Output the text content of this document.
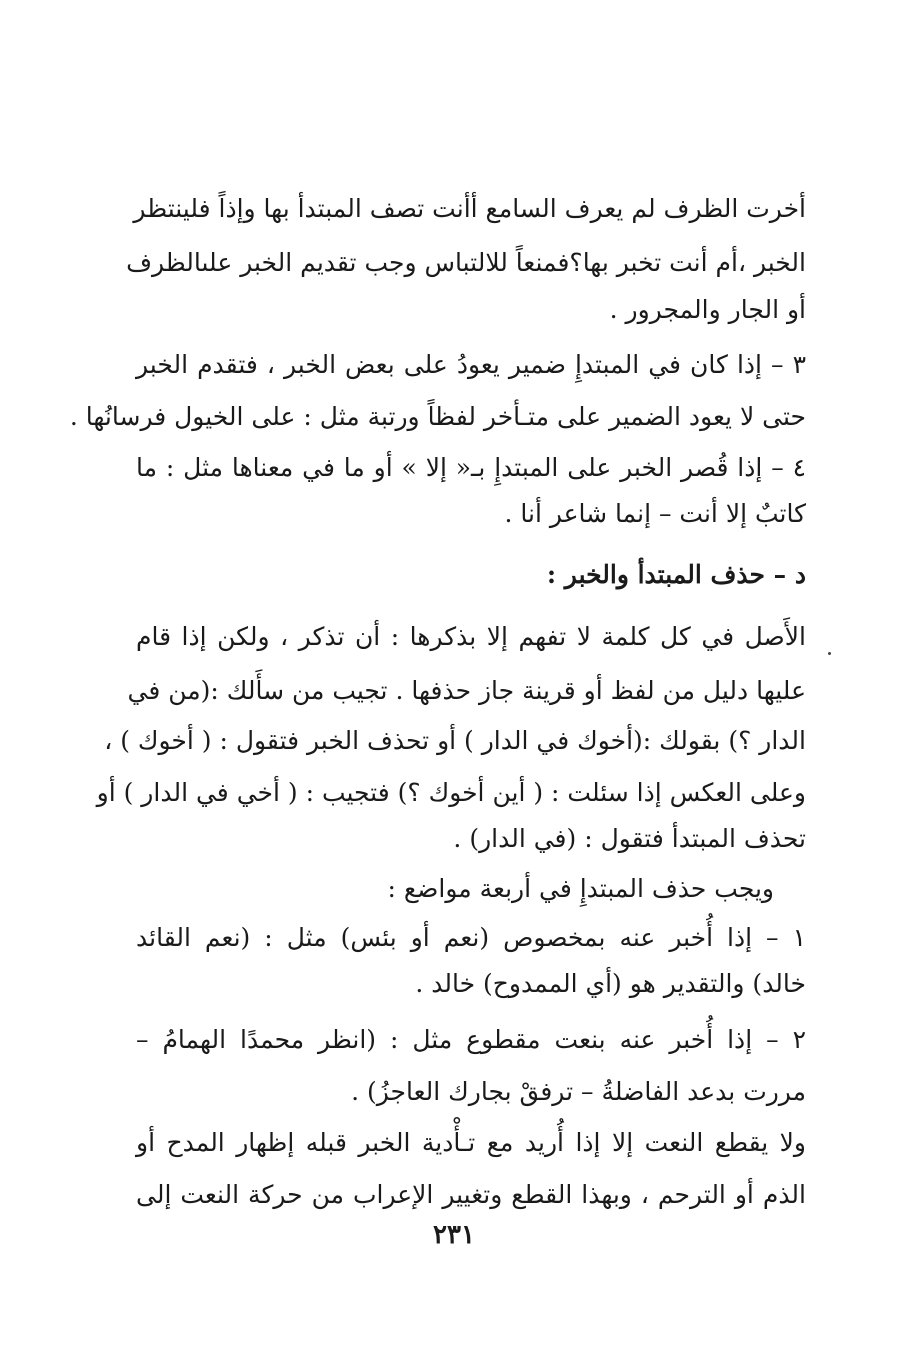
أخرت الظرف لم يعرف السامع أأنت تصف المبتدأ بها وإذاً فلينتظر
الخبر ،أم أنت تخبر بها؟فمنعاً للالتباس وجب تقديم الخبر علىالظرف
أو الجار والمجرور .
٣ – إذا كان في المبتدإِ ضمير يعودُ على بعض الخبر ، فتقدم الخبر
حتى لا يعود الضمير على متـأخر لفظاً ورتبة مثل : على الخيول فرسانُها .
٤ – إذا قُصر الخبر على المبتدإِ بـ« إلا » أو ما في معناها مثل : ما
كاتبٌ إلا أنت – إنما شاعر أنا .
د – حذف المبتدأ والخبر :
الأَصل في كل كلمة لا تفهم إلا بذكرها : أن تذكر ، ولكن إذا قام
عليها دليل من لفظ أو قرينة جاز حذفها . تجيب من سأَلك :(من في
الدار ؟) بقولك :(أخوك في الدار ) أو تحذف الخبر فتقول : ( أخوك ) ،
وعلى العكس إذا سئلت : ( أين أخوك ؟) فتجيب : ( أخي في الدار ) أو
تحذف المبتدأ فتقول : (في الدار) .
ويجب حذف المبتدإِ في أربعة مواضع :
١ – إذا أُخبر عنه بمخصوص (نعم أو بئس) مثل : (نعم القائد
خالد) والتقدير هو (أي الممدوح) خالد .
٢ – إذا أُخبر عنه بنعت مقطوع مثل : (انظر محمدًا الهمامُ –
مررت بدعد الفاضلةُ – ترفقْ بجارك العاجزُ) .
ولا يقطع النعت إلا إذا أُريد مع تـأْدية الخبر قبله إظهار المدح أو
الذم أو الترحم ، وبهذا القطع وتغيير الإعراب من حركة النعت إلى
٢٣١
